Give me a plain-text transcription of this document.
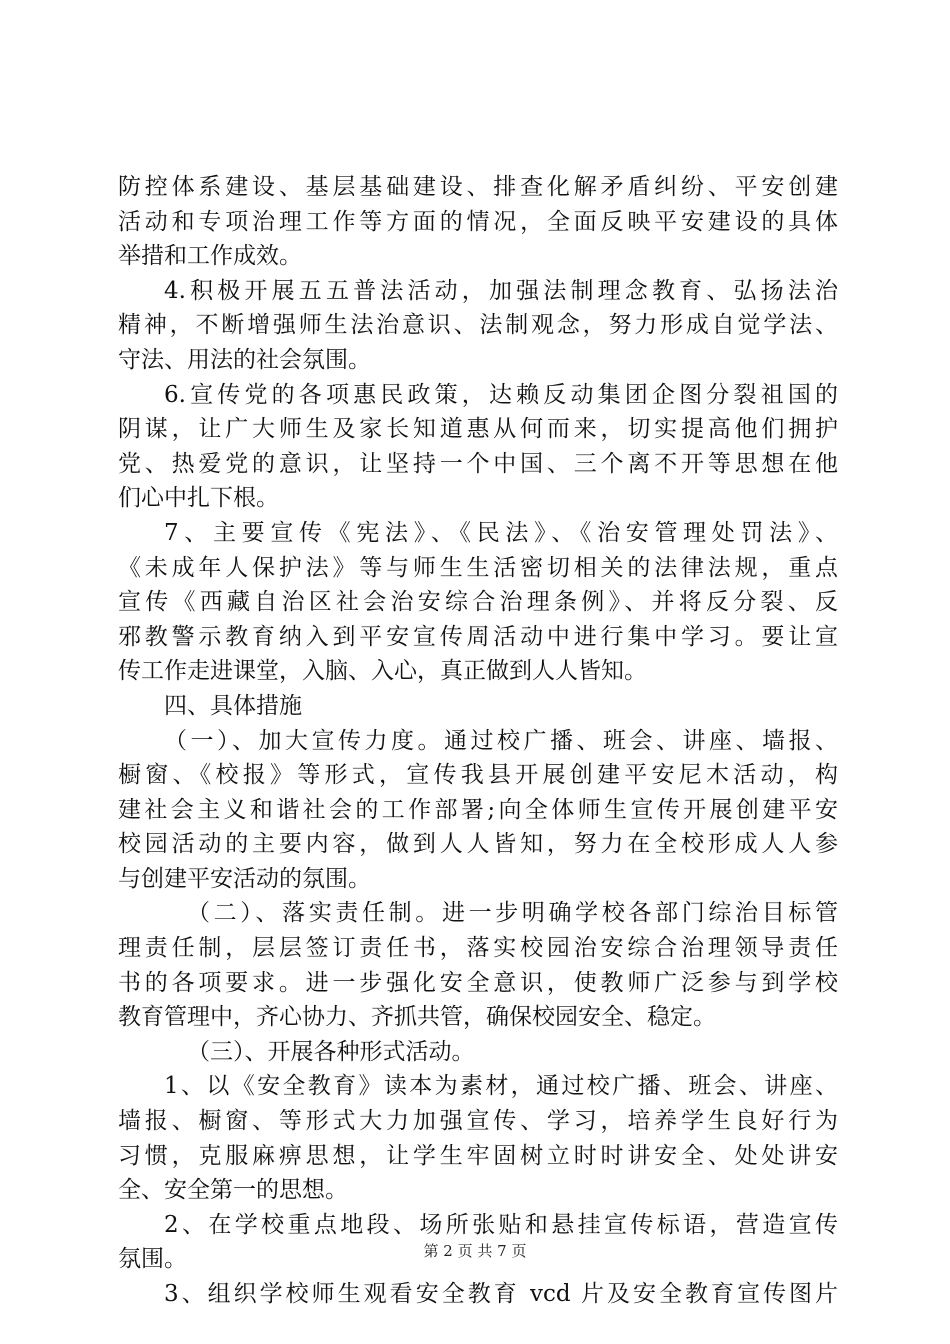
防控体系建设、基层基础建设、排查化解矛盾纠纷、平安创建
活动和专项治理工作等方面的情况，全面反映平安建设的具体
举措和工作成效。
4.积极开展五五普法活动，加强法制理念教育、弘扬法治
精神，不断增强师生法治意识、法制观念，努力形成自觉学法、
守法、用法的社会氛围。
6.宣传党的各项惠民政策，达赖反动集团企图分裂祖国的
阴谋，让广大师生及家长知道惠从何而来，切实提高他们拥护
党、热爱党的意识，让坚持一个中国、三个离不开等思想在他
们心中扎下根。
7、主要宣传《宪法》、《民法》、《治安管理处罚法》、
《未成年人保护法》等与师生生活密切相关的法律法规，重点
宣传《西藏自治区社会治安综合治理条例》、并将反分裂、反
邪教警示教育纳入到平安宣传周活动中进行集中学习。要让宣
传工作走进课堂，入脑、入心，真正做到人人皆知。
四、具体措施
（一）、加大宣传力度。通过校广播、班会、讲座、墙报、
橱窗、《校报》等形式，宣传我县开展创建平安尼木活动，构
建社会主义和谐社会的工作部署;向全体师生宣传开展创建平安
校园活动的主要内容，做到人人皆知，努力在全校形成人人参
与创建平安活动的氛围。
（二）、落实责任制。进一步明确学校各部门综治目标管
理责任制，层层签订责任书，落实校园治安综合治理领导责任
书的各项要求。进一步强化安全意识，使教师广泛参与到学校
教育管理中，齐心协力、齐抓共管，确保校园安全、稳定。
（三）、开展各种形式活动。
1、以《安全教育》读本为素材，通过校广播、班会、讲座、
墙报、橱窗、等形式大力加强宣传、学习，培养学生良好行为
习惯，克服麻痹思想，让学生牢固树立时时讲安全、处处讲安
全、安全第一的思想。
2、在学校重点地段、场所张贴和悬挂宣传标语，营造宣传
氛围。
3、组织学校师生观看安全教育 vcd 片及安全教育宣传图片
第 2 页 共 7 页
